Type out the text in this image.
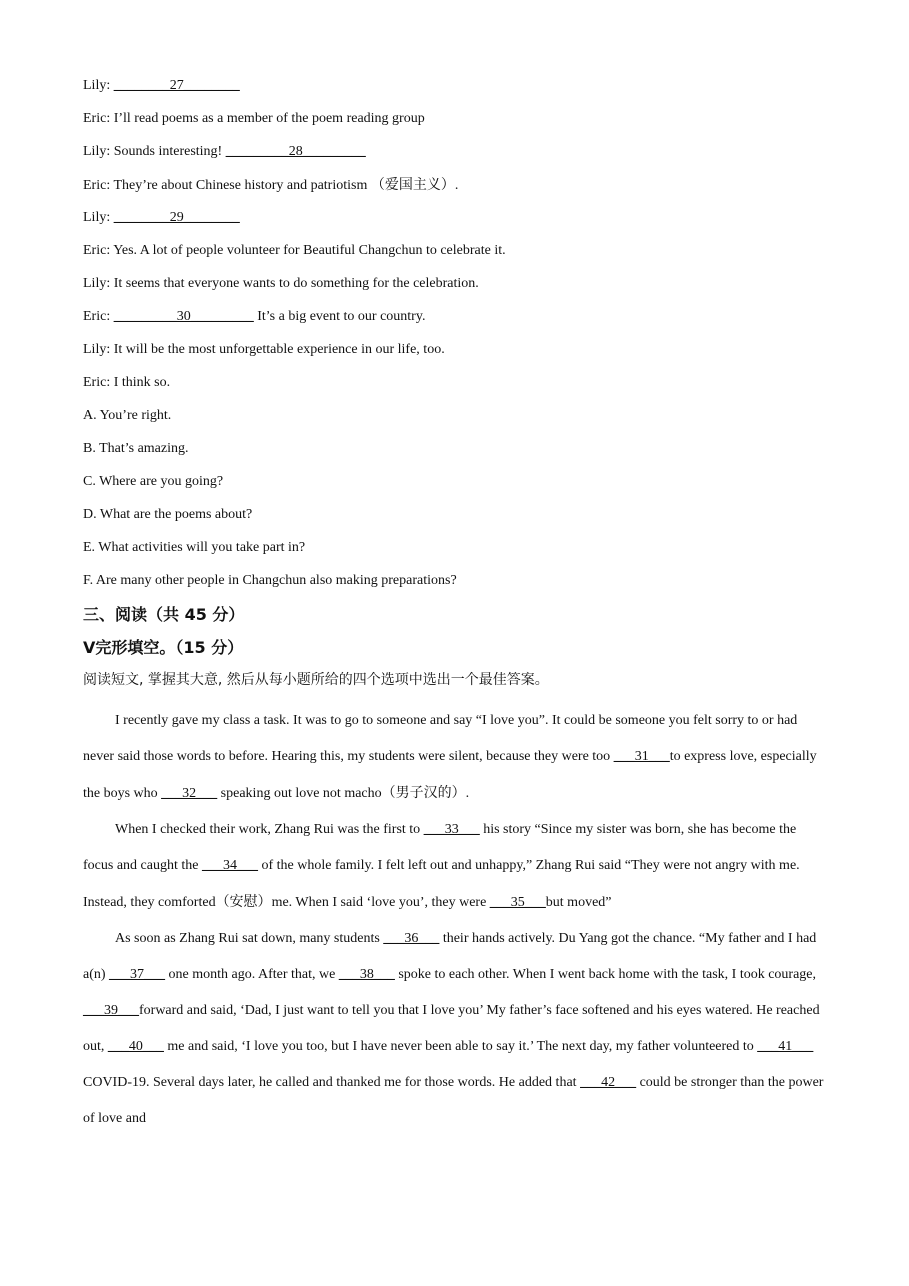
Lily: ________27________
Eric: I’ll read poems as a member of the poem reading group
Lily: Sounds interesting! _________28_________
Eric: They’re about Chinese history and patriotism （爱国主义）.
Lily: ________29________
Eric: Yes. A lot of people volunteer for Beautiful Changchun to celebrate it.
Lily: It seems that everyone wants to do something for the celebration.
Eric: _________30_________ It’s a big event to our country.
Lily: It will be the most unforgettable experience in our life, too.
Eric: I think so.
A. You’re right.
B. That’s amazing.
C. Where are you going?
D. What are the poems about?
E. What activities will you take part in?
F. Are many other people in Changchun also making preparations?
三、阅读（共 45 分）
Ⅴ完形填空。（15 分）
阅读短文, 掌握其大意, 然后从每小题所给的四个选项中选出一个最佳答案。

I recently gave my class a task. It was to go to someone and say “I love you”. It could be someone you felt sorry to or had never said those words to before. Hearing this, my students were silent, because they were too ___31___to express love, especially the boys who ___32___ speaking out love not macho（男子汉的）.

When I checked their work, Zhang Rui was the first to ___33___ his story “Since my sister was born, she has become the focus and caught the ___34___ of the whole family. I felt left out and unhappy,” Zhang Rui said “They were not angry with me. Instead, they comforted（安慰）me. When I said ‘love you’, they were ___35___but moved”

As soon as Zhang Rui sat down, many students ___36___ their hands actively. Du Yang got the chance. “My father and I had a(n) ___37___ one month ago. After that, we ___38___ spoke to each other. When I went back home with the task, I took courage, ___39___forward and said, ‘Dad, I just want to tell you that I love you’ My father’s face softened and his eyes watered. He reached out, ___40___ me and said, ‘I love you too, but I have never been able to say it.’ The next day, my father volunteered to ___41___ COVID-19. Several days later, he called and thanked me for those words. He added that ___42___ could be stronger than the power of love and
